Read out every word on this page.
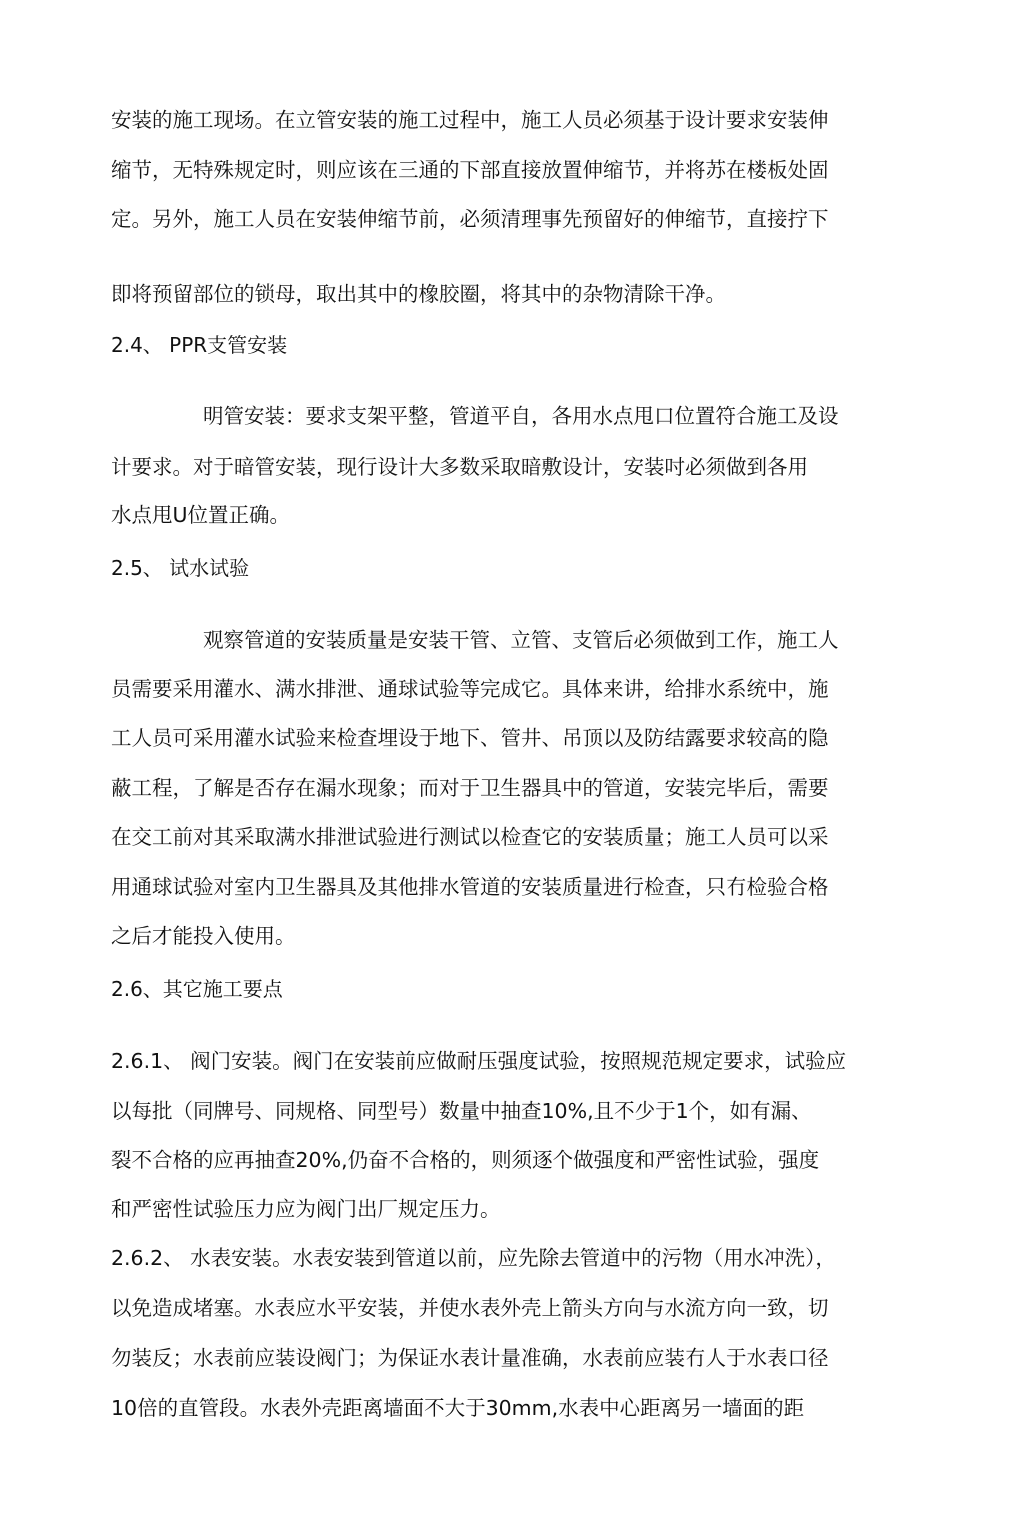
安装的施工现场。在立管安装的施工过程中，施工人员必须基于设计要求安装伸

缩节，无特殊规定时，则应该在三通的下部直接放置伸缩节，并将苏在楼板处固

定。另外，施工人员在安装伸缩节前，必须清理事先预留好的伸缩节，直接拧下

即将预留部位的锁母，取出其中的橡胶圈，将其中的杂物清除干净。

2.4、 PPR支管安装

明管安装：要求支架平整，管道平自，各用水点甩口位置符合施工及设

计要求。对于暗管安装，现行设计大多数采取暗敷设计，安装吋必须做到各用

水点甩U位置正确。

2.5、 试水试验

观察管道的安装质量是安装干管、立管、支管后必须做到工作，施工人

员需要采用灌水、满水排泄、通球试验等完成它。具体来讲，给排水系统中，施

工人员可采用灌水试验来检查埋设于地下、管井、吊顶以及防结露要求较高的隐

蔽工程，了解是否存在漏水现象；而对于卫生器具中的管道，安装完毕后，需要

在交工前对其采取满水排泄试验进行测试以检查它的安装质量；施工人员可以采

用通球试验对室内卫生器具及其他排水管道的安装质量进行检查，只冇检验合格

之后才能投入使用。

2.6、其它施工要点

2.6.1、 阀门安装。阀门在安装前应做耐压强度试验，按照规范规定要求，试验应

以每批（同牌号、同规格、同型号）数量中抽查10%,且不少于1个，如有漏、

裂不合格的应再抽查20%,仍奋不合格的，则须逐个做强度和严密性试验，强度

和严密性试验压力应为阀门出厂规定压力。

2.6.2、 水表安装。水表安装到管道以前，应先除去管道中的污物（用水冲洗），

以免造成堵塞。水表应水平安装，并使水表外壳上箭头方向与水流方向一致，切

勿装反；水表前应装设阀门；为保证水表计量准确，水表前应装冇人于水表口径

10倍的直管段。水表外壳距离墙面不大于30mm,水表中心距离另一墙面的距
